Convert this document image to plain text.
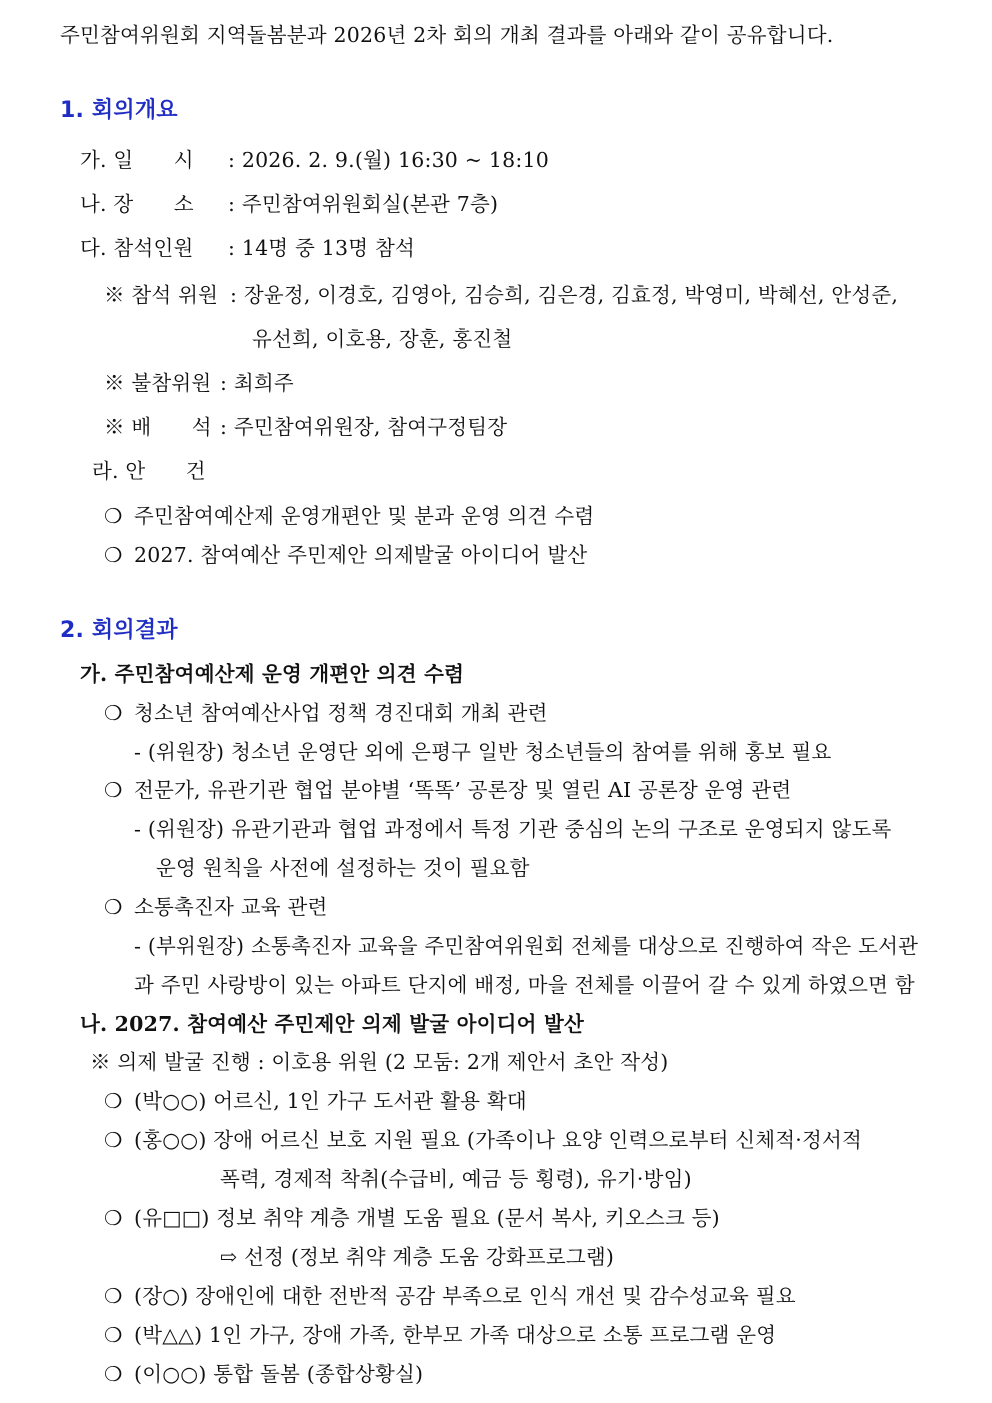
주민참여위원회 지역돌봄분과 2026년 2차 회의 개최 결과를 아래와 같이 공유합니다.
1. 회의개요
가. 일      시 : 2026. 2. 9.(월) 16:30 ~ 18:10
나. 장      소 : 주민참여위원회실(본관 7층)
다. 참석인원 : 14명 중 13명 참석
※ 참석 위원 : 장윤정, 이경호, 김영아, 김승희, 김은경, 김효정, 박영미, 박혜선, 안성준,
유선희, 이호용, 장훈, 홍진철
※ 불참위원 : 최희주
※ 배      석 : 주민참여위원장, 참여구정팀장
라. 안      건
❍ 주민참여예산제 운영개편안 및 분과 운영 의견 수렴
❍ 2027. 참여예산 주민제안 의제발굴 아이디어 발산
2. 회의결과
가. 주민참여예산제 운영 개편안 의견 수렴
❍ 청소년 참여예산사업 정책 경진대회 개최 관련
- (위원장) 청소년 운영단 외에 은평구 일반 청소년들의 참여를 위해 홍보 필요
❍ 전문가, 유관기관 협업 분야별 ‘똑똑’ 공론장 및 열린 AI 공론장 운영 관련
- (위원장) 유관기관과 협업 과정에서 특정 기관 중심의 논의 구조로 운영되지 않도록
운영 원칙을 사전에 설정하는 것이 필요함
❍ 소통촉진자 교육 관련
- (부위원장) 소통촉진자 교육을 주민참여위원회 전체를 대상으로 진행하여 작은 도서관
과 주민 사랑방이 있는 아파트 단지에 배정, 마을 전체를 이끌어 갈 수 있게 하였으면 함
나. 2027. 참여예산 주민제안 의제 발굴 아이디어 발산
※ 의제 발굴 진행 : 이호용 위원 (2 모둠: 2개 제안서 초안 작성)
❍ (박○○) 어르신, 1인 가구 도서관 활용 확대
❍ (홍○○) 장애 어르신 보호 지원 필요 (가족이나 요양 인력으로부터 신체적·정서적
폭력, 경제적 착취(수급비, 예금 등 횡령), 유기·방임)
❍ (유□□) 정보 취약 계층 개별 도움 필요 (문서 복사, 키오스크 등)
⇨ 선정 (정보 취약 계층 도움 강화프로그램)
❍ (장○) 장애인에 대한 전반적 공감 부족으로 인식 개선 및 감수성교육 필요
❍ (박△△) 1인 가구, 장애 가족, 한부모 가족 대상으로 소통 프로그램 운영
❍ (이○○) 통합 돌봄 (종합상황실)
